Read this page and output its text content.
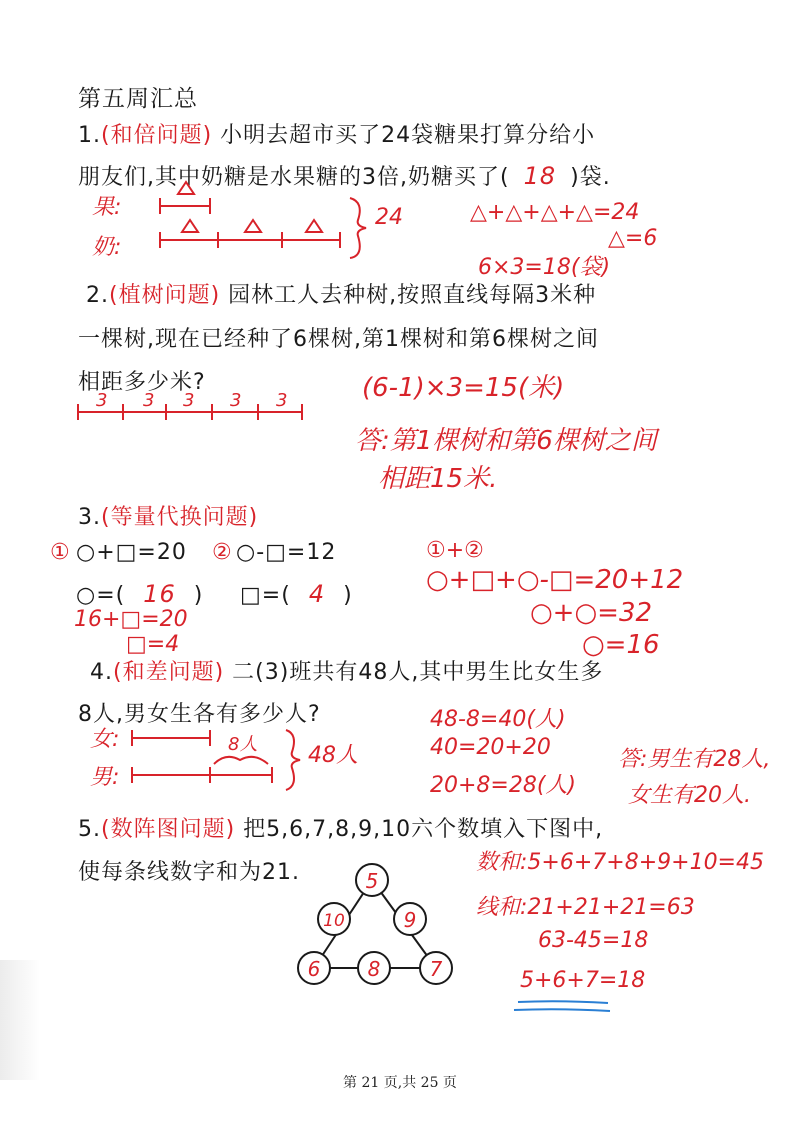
第五周汇总
1.(和倍问题) 小明去超市买了24袋糖果打算分给小
朋友们,其中奶糖是水果糖的3倍,奶糖买了( 18 )袋.
果:
奶:
24	△+△+△+△=24
△=6
6×3=18(袋)
2.(植树问题) 园林工人去种树,按照直线每隔3米种
一棵树,现在已经种了6棵树,第1棵树和第6棵树之间
相距多少米?
3 3 3 3 3	(6-1)×3=15(米)
答:第1棵树和第6棵树之间
相距15米.
3.(等量代换问题)
① ○+□=20 ② ○-□=12
○=( 16 ) □=( 4 )
16+□=20
□=4
①+②
○+□+○-□=20+12
○+○=32
○=16
4.(和差问题) 二(3)班共有48人,其中男生比女生多
8人,男女生各有多少人?
女:
男:
8人 48人
48-8=40(人)
40=20+20
20+8=28(人)
答:男生有28人,
女生有20人.
5.(数阵图问题) 把5,6,7,8,9,10六个数填入下图中,
使每条线数字和为21.	数和:5+6+7+8+9+10=45
线和:21+21+21=63
63-45=18
5+6+7=18
5
10	9
6 8 7
第 21 页,共 25 页
